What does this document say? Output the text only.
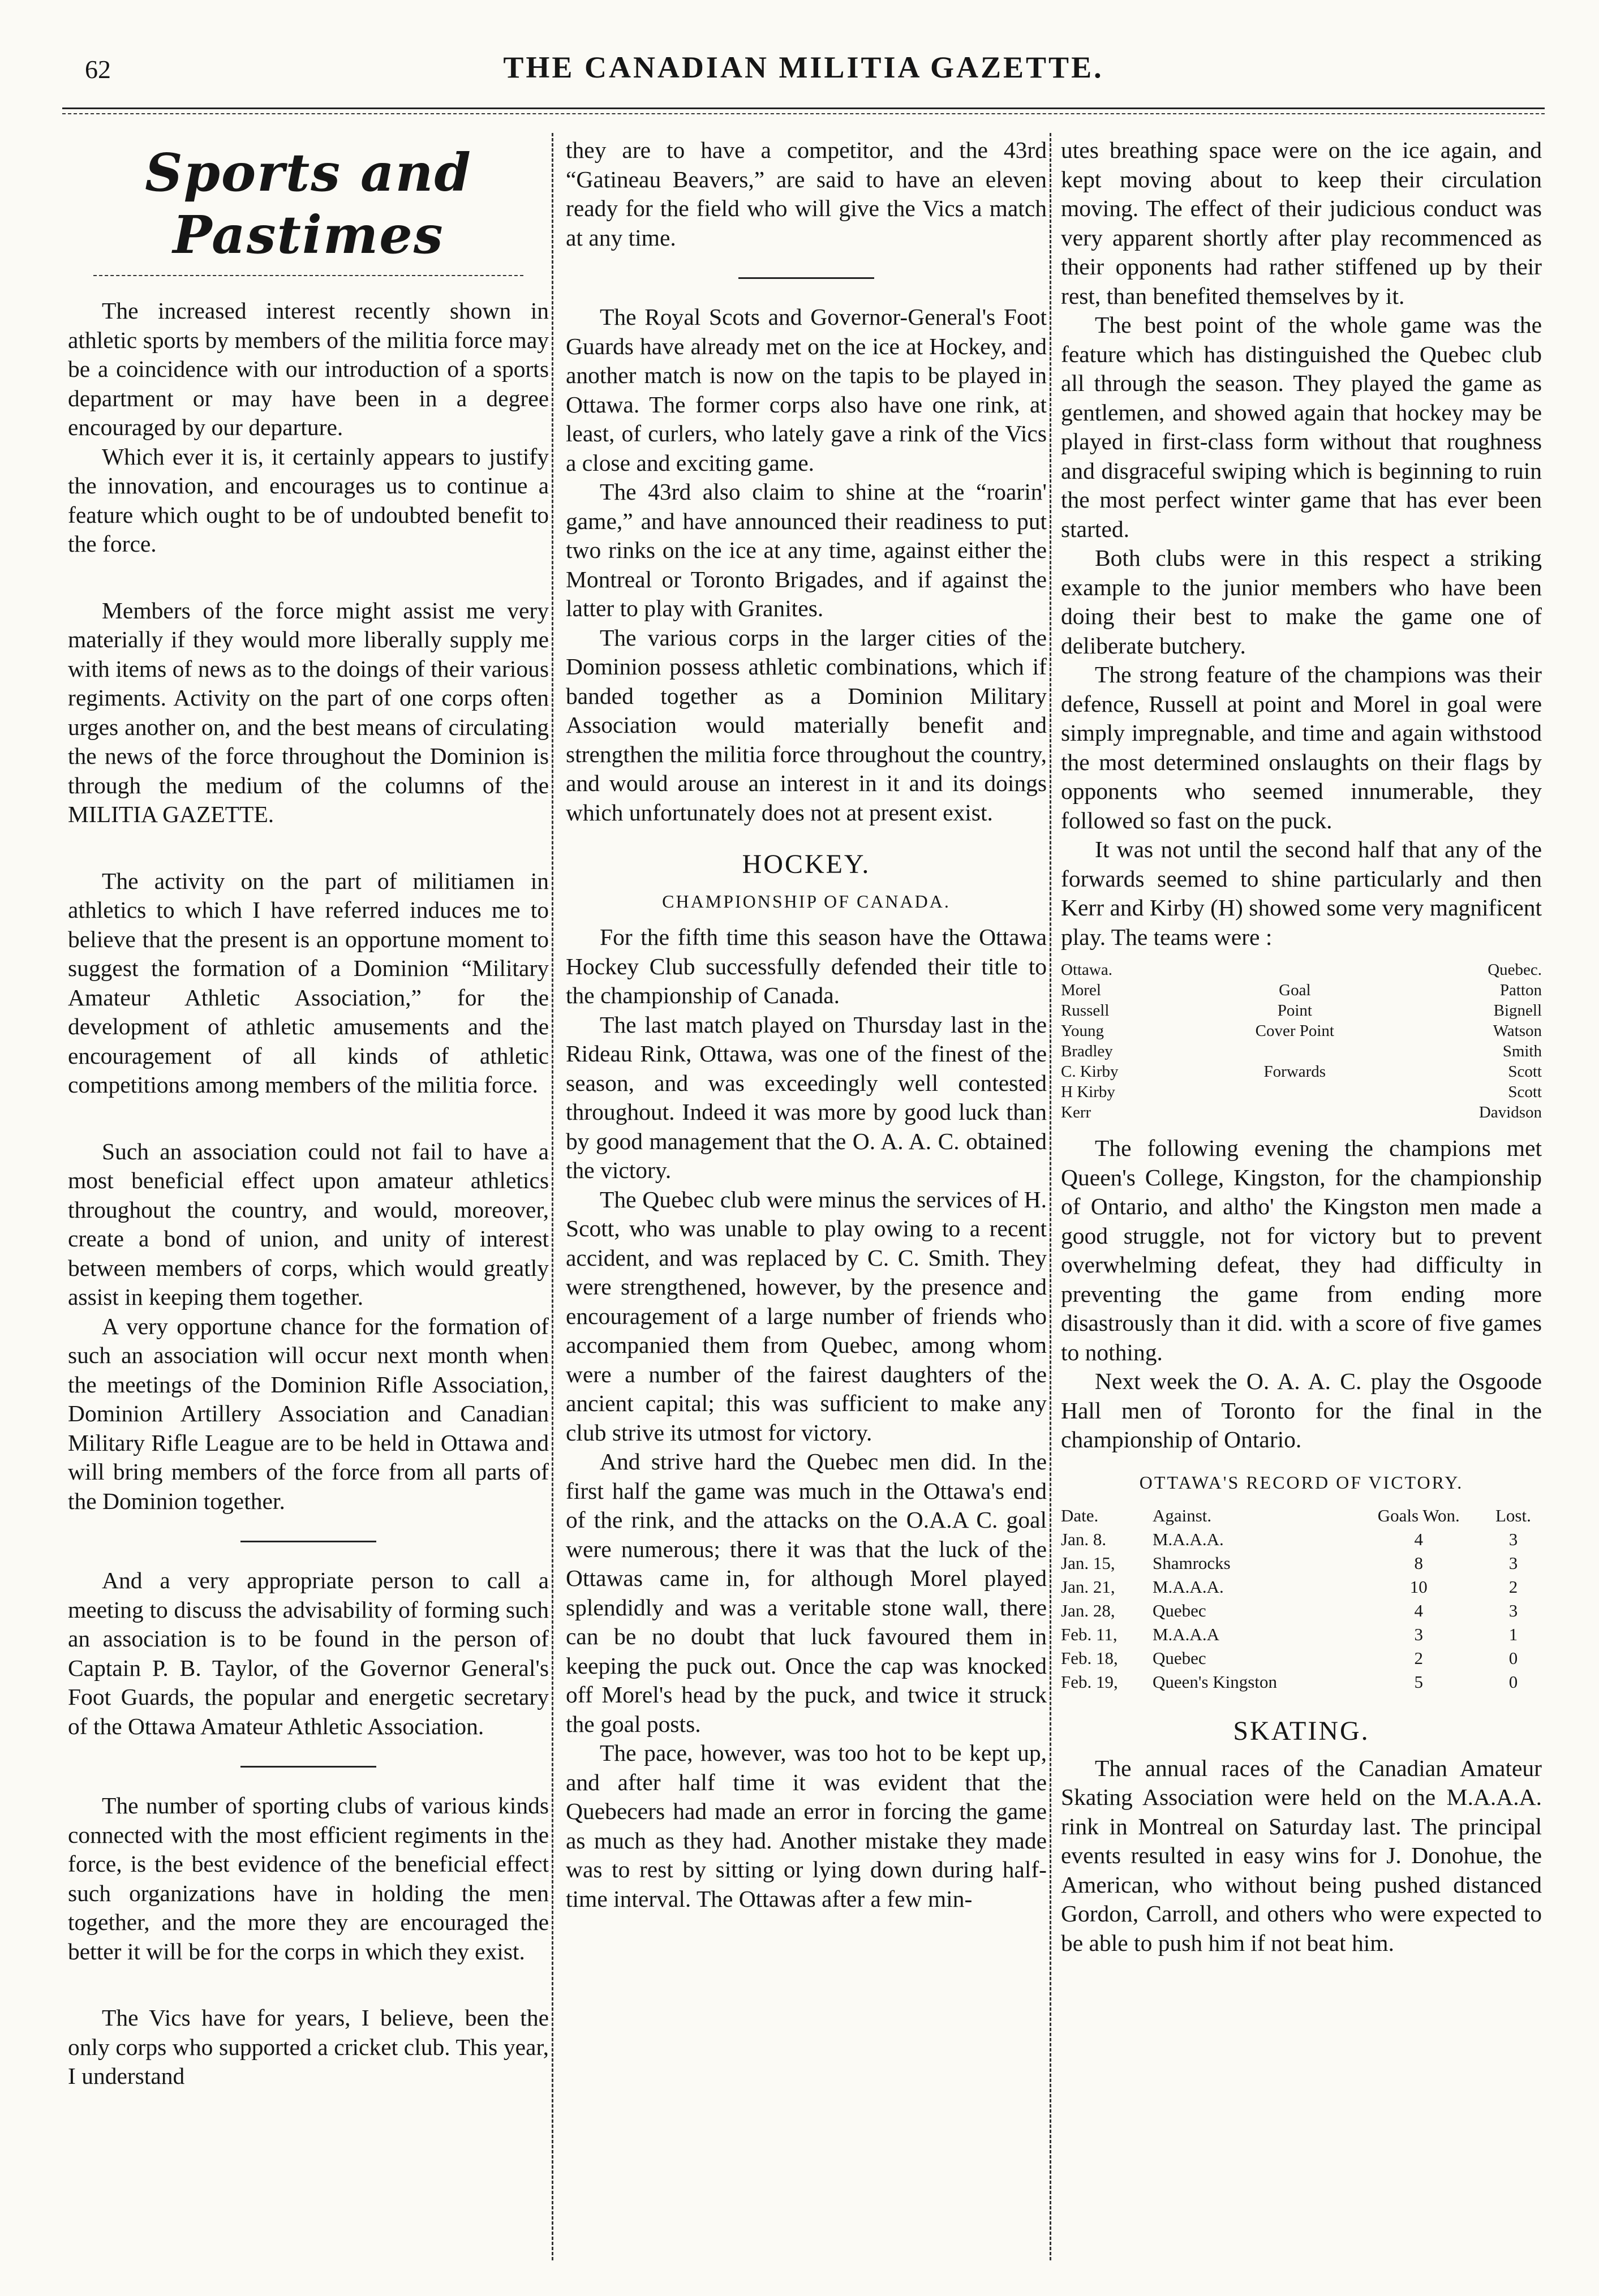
62	THE CANADIAN MILITIA GAZETTE.
Sports and Pastimes

The increased interest recently shown in athletic sports by members of the militia force may be a coincidence with our introduction of a sports department or may have been in a degree encouraged by our departure.

Which ever it is, it certainly appears to justify the innovation, and encourages us to continue a feature which ought to be of undoubted benefit to the force.

Members of the force might assist me very materially if they would more liberally supply me with items of news as to the doings of their various regiments. Activity on the part of one corps often urges another on, and the best means of circulating the news of the force throughout the Dominion is through the medium of the columns of the MILITIA GAZETTE.

The activity on the part of militiamen in athletics to which I have referred induces me to believe that the present is an opportune moment to suggest the formation of a Dominion “Military Amateur Athletic Association,” for the development of athletic amusements and the encouragement of all kinds of athletic competitions among members of the militia force.

Such an association could not fail to have a most beneficial effect upon amateur athletics throughout the country, and would, moreover, create a bond of union, and unity of interest between members of corps, which would greatly assist in keeping them together.

A very opportune chance for the formation of such an association will occur next month when the meetings of the Dominion Rifle Association, Dominion Artillery Association and Canadian Military Rifle League are to be held in Ottawa and will bring members of the force from all parts of the Dominion together.

And a very appropriate person to call a meeting to discuss the advisability of forming such an association is to be found in the person of Captain P. B. Taylor, of the Governor General's Foot Guards, the popular and energetic secretary of the Ottawa Amateur Athletic Association.

The number of sporting clubs of various kinds connected with the most efficient regiments in the force, is the best evidence of the beneficial effect such organizations have in holding the men together, and the more they are encouraged the better it will be for the corps in which they exist.

The Vics have for years, I believe, been the only corps who supported a cricket club. This year, I understand

they are to have a competitor, and the 43rd “Gatineau Beavers,” are said to have an eleven ready for the field who will give the Vics a match at any time.

The Royal Scots and Governor-General's Foot Guards have already met on the ice at Hockey, and another match is now on the tapis to be played in Ottawa. The former corps also have one rink, at least, of curlers, who lately gave a rink of the Vics a close and exciting game.

The 43rd also claim to shine at the “roarin' game,” and have announced their readiness to put two rinks on the ice at any time, against either the Montreal or Toronto Brigades, and if against the latter to play with Granites.

The various corps in the larger cities of the Dominion possess athletic combinations, which if banded together as a Dominion Military Association would materially benefit and strengthen the militia force throughout the country, and would arouse an interest in it and its doings which unfortunately does not at present exist.

HOCKEY.
CHAMPIONSHIP OF CANADA.

For the fifth time this season have the Ottawa Hockey Club successfully defended their title to the championship of Canada.

The last match played on Thursday last in the Rideau Rink, Ottawa, was one of the finest of the season, and was exceedingly well contested throughout. Indeed it was more by good luck than by good management that the O. A. A. C. obtained the victory.

The Quebec club were minus the services of H. Scott, who was unable to play owing to a recent accident, and was replaced by C. C. Smith. They were strengthened, however, by the presence and encouragement of a large number of friends who accompanied them from Quebec, among whom were a number of the fairest daughters of the ancient capital; this was sufficient to make any club strive its utmost for victory.

And strive hard the Quebec men did. In the first half the game was much in the Ottawa's end of the rink, and the attacks on the O.A.A C. goal were numerous; there it was that the luck of the Ottawas came in, for although Morel played splendidly and was a veritable stone wall, there can be no doubt that luck favoured them in keeping the puck out. Once the cap was knocked off Morel's head by the puck, and twice it struck the goal posts.

The pace, however, was too hot to be kept up, and after half time it was evident that the Quebecers had made an error in forcing the game as much as they had. Another mistake they made was to rest by sitting or lying down during half-time interval. The Ottawas after a few min-

utes breathing space were on the ice again, and kept moving about to keep their circulation moving. The effect of their judicious conduct was very apparent shortly after play recommenced as their opponents had rather stiffened up by their rest, than benefited themselves by it.

The best point of the whole game was the feature which has distinguished the Quebec club all through the season. They played the game as gentlemen, and showed again that hockey may be played in first-class form without that roughness and disgraceful swiping which is beginning to ruin the most perfect winter game that has ever been started.

Both clubs were in this respect a striking example to the junior members who have been doing their best to make the game one of deliberate butchery.

The strong feature of the champions was their defence, Russell at point and Morel in goal were simply impregnable, and time and again withstood the most determined onslaughts on their flags by opponents who seemed innumerable, they followed so fast on the puck.

It was not until the second half that any of the forwards seemed to shine particularly and then Kerr and Kirby (H) showed some very magnificent play. The teams were :

Ottawa.		Quebec.
Morel	Goal	Patton
Russell	Point	Bignell
Young	Cover Point	Watson
Bradley		Smith
C. Kirby	Forwards	Scott
H Kirby		Scott
Kerr		Davidson

The following evening the champions met Queen's College, Kingston, for the championship of Ontario, and altho' the Kingston men made a good struggle, not for victory but to prevent overwhelming defeat, they had difficulty in preventing the game from ending more disastrously than it did. with a score of five games to nothing.

Next week the O. A. A. C. play the Osgoode Hall men of Toronto for the final in the championship of Ontario.

OTTAWA'S RECORD OF VICTORY.
Date.	Against.	Goals Won.	Lost.
Jan. 8.	M.A.A.A.	4	3
Jan. 15,	Shamrocks	8	3
Jan. 21,	M.A.A.A.	10	2
Jan. 28,	Quebec	4	3
Feb. 11,	M.A.A.A	3	1
Feb. 18,	Quebec	2	0
Feb. 19,	Queen's Kingston	5	0
SKATING.

The annual races of the Canadian Amateur Skating Association were held on the M.A.A.A. rink in Montreal on Saturday last. The principal events resulted in easy wins for J. Donohue, the American, who without being pushed distanced Gordon, Carroll, and others who were expected to be able to push him if not beat him.
